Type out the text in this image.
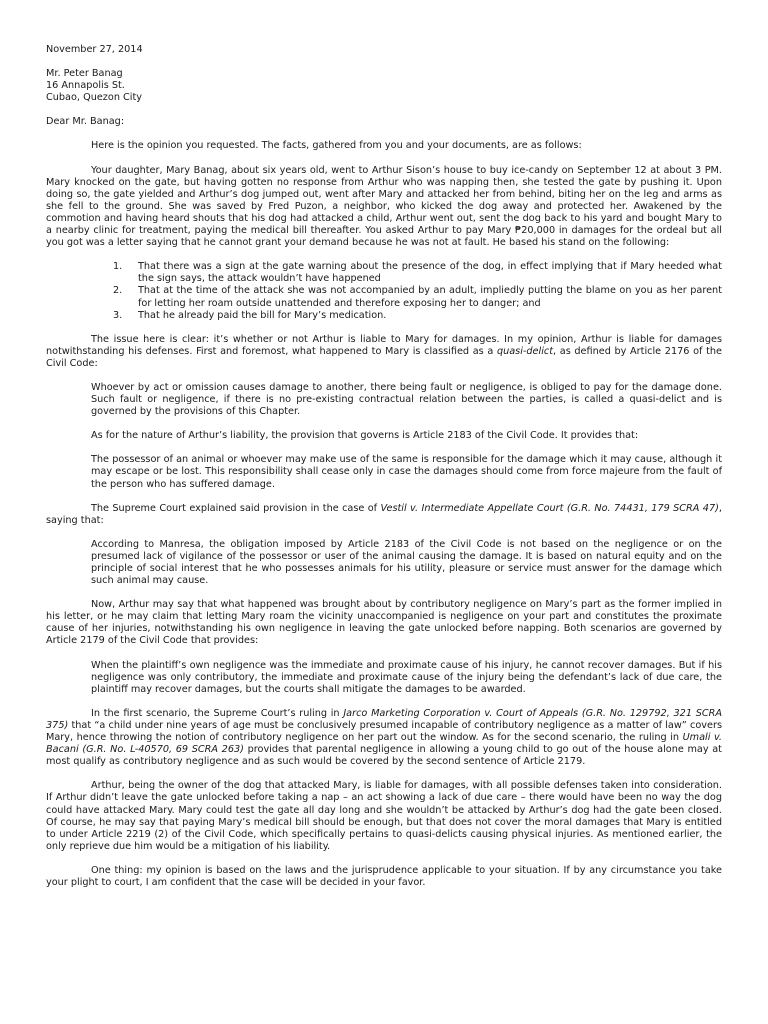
November 27, 2014

Mr. Peter Banag

16 Annapolis St.

Cubao, Quezon City

Dear Mr. Banag:

Here is the opinion you requested. The facts, gathered from you and your documents, are as follows:

Your daughter, Mary Banag, about six years old, went to Arthur Sison’s house to buy ice-candy on September 12 at about 3 PM. Mary knocked on the gate, but having gotten no response from Arthur who was napping then, she tested the gate by pushing it. Upon doing so, the gate yielded and Arthur’s dog jumped out, went after Mary and attacked her from behind, biting her on the leg and arms as she fell to the ground. She was saved by Fred Puzon, a neighbor, who kicked the dog away and protected her. Awakened by the commotion and having heard shouts that his dog had attacked a child, Arthur went out, sent the dog back to his yard and bought Mary to a nearby clinic for treatment, paying the medical bill thereafter. You asked Arthur to pay Mary ₱20,000 in damages for the ordeal but all you got was a letter saying that he cannot grant your demand because he was not at fault. He based his stand on the following:

1. That there was a sign at the gate warning about the presence of the dog, in effect implying that if Mary heeded what the sign says, the attack wouldn’t have happened
2. That at the time of the attack she was not accompanied by an adult, impliedly putting the blame on you as her parent for letting her roam outside unattended and therefore exposing her to danger; and
3. That he already paid the bill for Mary’s medication.

The issue here is clear: it’s whether or not Arthur is liable to Mary for damages. In my opinion, Arthur is liable for damages notwithstanding his defenses. First and foremost, what happened to Mary is classified as a quasi-delict, as defined by Article 2176 of the Civil Code:

Whoever by act or omission causes damage to another, there being fault or negligence, is obliged to pay for the damage done. Such fault or negligence, if there is no pre-existing contractual relation between the parties, is called a quasi-delict and is governed by the provisions of this Chapter.

As for the nature of Arthur’s liability, the provision that governs is Article 2183 of the Civil Code. It provides that:

The possessor of an animal or whoever may make use of the same is responsible for the damage which it may cause, although it may escape or be lost. This responsibility shall cease only in case the damages should come from force majeure from the fault of the person who has suffered damage.

The Supreme Court explained said provision in the case of Vestil v. Intermediate Appellate Court (G.R. No. 74431, 179 SCRA 47), saying that:

According to Manresa, the obligation imposed by Article 2183 of the Civil Code is not based on the negligence or on the presumed lack of vigilance of the possessor or user of the animal causing the damage. It is based on natural equity and on the principle of social interest that he who possesses animals for his utility, pleasure or service must answer for the damage which such animal may cause.

Now, Arthur may say that what happened was brought about by contributory negligence on Mary’s part as the former implied in his letter, or he may claim that letting Mary roam the vicinity unaccompanied is negligence on your part and constitutes the proximate cause of her injuries, notwithstanding his own negligence in leaving the gate unlocked before napping. Both scenarios are governed by Article 2179 of the Civil Code that provides:

When the plaintiff’s own negligence was the immediate and proximate cause of his injury, he cannot recover damages. But if his negligence was only contributory, the immediate and proximate cause of the injury being the defendant’s lack of due care, the plaintiff may recover damages, but the courts shall mitigate the damages to be awarded.

In the first scenario, the Supreme Court’s ruling in Jarco Marketing Corporation v. Court of Appeals (G.R. No. 129792, 321 SCRA 375) that “a child under nine years of age must be conclusively presumed incapable of contributory negligence as a matter of law” covers Mary, hence throwing the notion of contributory negligence on her part out the window. As for the second scenario, the ruling in Umali v. Bacani (G.R. No. L-40570, 69 SCRA 263) provides that parental negligence in allowing a young child to go out of the house alone may at most qualify as contributory negligence and as such would be covered by the second sentence of Article 2179.

Arthur, being the owner of the dog that attacked Mary, is liable for damages, with all possible defenses taken into consideration. If Arthur didn’t leave the gate unlocked before taking a nap – an act showing a lack of due care – there would have been no way the dog could have attacked Mary. Mary could test the gate all day long and she wouldn’t be attacked by Arthur’s dog had the gate been closed. Of course, he may say that paying Mary’s medical bill should be enough, but that does not cover the moral damages that Mary is entitled to under Article 2219 (2) of the Civil Code, which specifically pertains to quasi-delicts causing physical injuries. As mentioned earlier, the only reprieve due him would be a mitigation of his liability.

One thing: my opinion is based on the laws and the jurisprudence applicable to your situation. If by any circumstance you take your plight to court, I am confident that the case will be decided in your favor.
